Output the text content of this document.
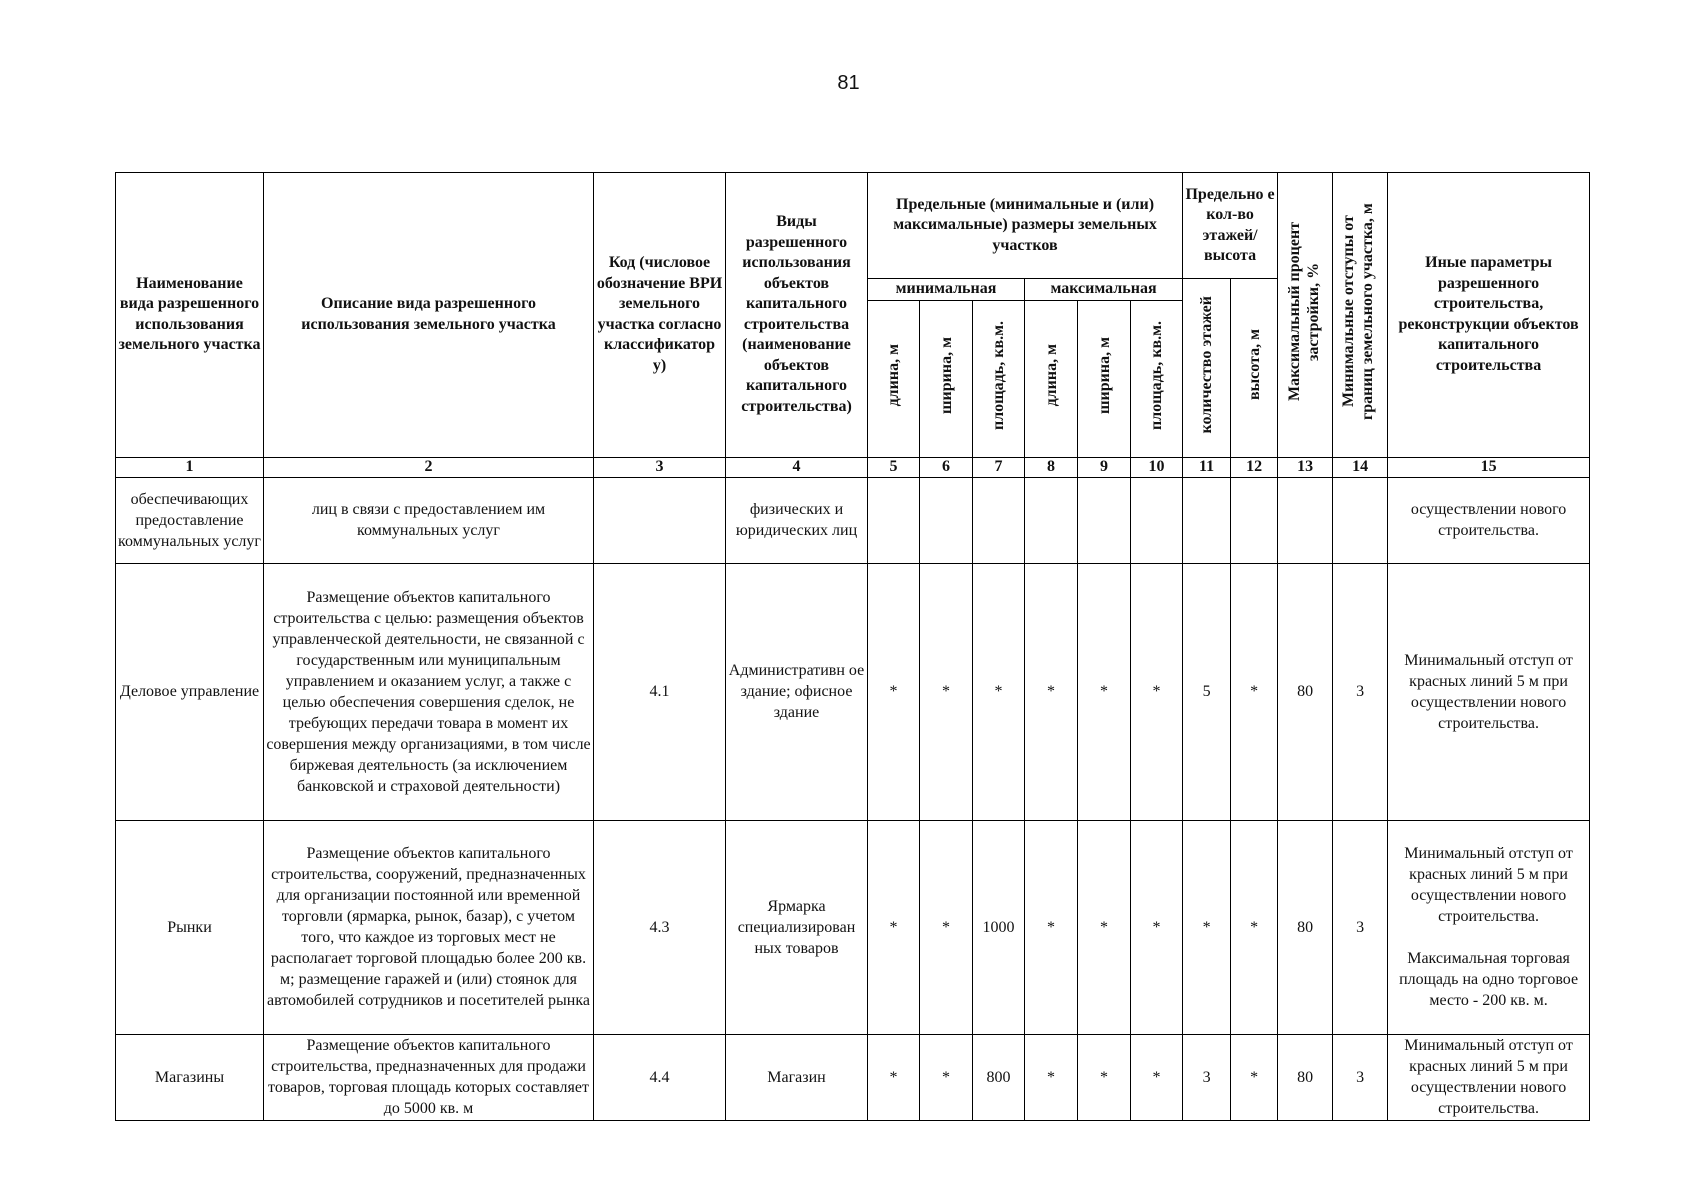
81
Наименование вида разрешенного использования земельного участка	Описание вида разрешенного использования земельного участка	Код (числовое обозначение ВРИ земельного участка согласно классификатор у)	Виды разрешенного использования объектов капитального строительства (наименование объектов капитального строительства)	Предельные (минимальные и (или) максимальные) размеры земельных участков						Предельно е кол-во этажей/ высота		Максимальный процент застройки, %	Минимальные отступы от границ земельного участка, м	Иные параметры разрешенного строительства, реконструкции объектов капитального строительства
				минимальная			максимальная			количество этажей	высота, м			
				длина, м	ширина, м	площадь, кв.м.	длина, м	ширина, м	площадь, кв.м.					
1	2	3	4	5	6	7	8	9	10	11	12	13	14	15
обеспечивающих предоставление коммунальных услуг	лиц в связи с предоставлением им коммунальных услуг		физических и юридических лиц											осуществлении нового строительства.
Деловое управление	Размещение объектов капитального строительства с целью: размещения объектов управленческой деятельности, не связанной с государственным или муниципальным управлением и оказанием услуг, а также с целью обеспечения совершения сделок, не требующих передачи товара в момент их совершения между организациями, в том числе биржевая деятельность (за исключением банковской и страховой деятельности)	4.1	Административн ое здание; офисное здание	*	*	*	*	*	*	5	*	80	3	Минимальный отступ от красных линий 5 м при осуществлении нового строительства.
Рынки	Размещение объектов капитального строительства, сооружений, предназначенных для организации постоянной или временной торговли (ярмарка, рынок, базар), с учетом того, что каждое из торговых мест не располагает торговой площадью более 200 кв. м; размещение гаражей и (или) стоянок для автомобилей сотрудников и посетителей рынка	4.3	Ярмарка специализирован ных товаров	*	*	1000	*	*	*	*	*	80	3	Минимальный отступ от красных линий 5 м при осуществлении нового строительства.

Максимальная торговая площадь на одно торговое место - 200 кв. м.
Магазины	Размещение объектов капитального строительства, предназначенных для продажи товаров, торговая площадь которых составляет до 5000 кв. м	4.4	Магазин	*	*	800	*	*	*	3	*	80	3	Минимальный отступ от красных линий 5 м при осуществлении нового строительства.
